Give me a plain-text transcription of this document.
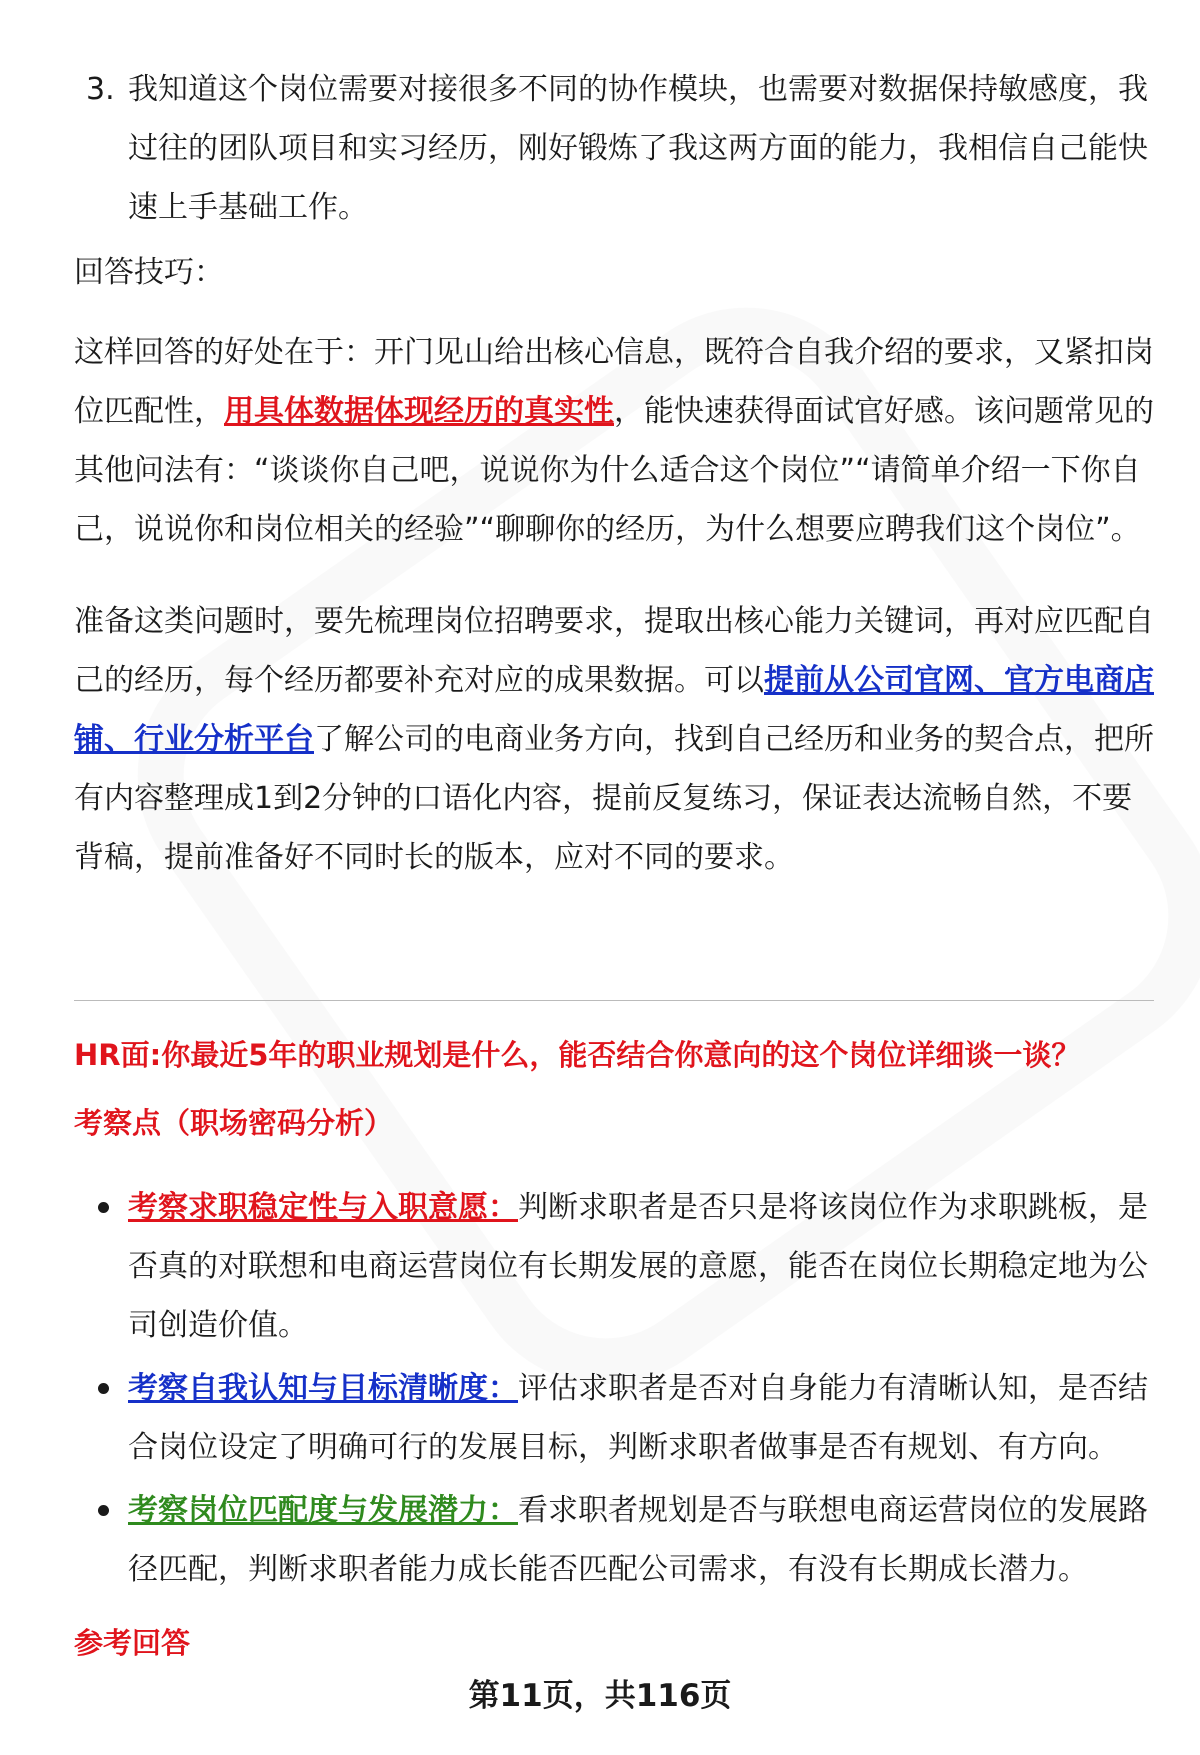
3. 我知道这个岗位需要对接很多不同的协作模块，也需要对数据保持敏感度，我过往的团队项目和实习经历，刚好锻炼了我这两方面的能力，我相信自己能快速上手基础工作。
回答技巧：
这样回答的好处在于：开门见山给出核心信息，既符合自我介绍的要求，又紧扣岗位匹配性，用具体数据体现经历的真实性，能快速获得面试官好感。该问题常见的其他问法有：“谈谈你自己吧，说说你为什么适合这个岗位”“请简单介绍一下你自己，说说你和岗位相关的经验”“聊聊你的经历，为什么想要应聘我们这个岗位”。
准备这类问题时，要先梳理岗位招聘要求，提取出核心能力关键词，再对应匹配自己的经历，每个经历都要补充对应的成果数据。可以提前从公司官网、官方电商店铺、行业分析平台了解公司的电商业务方向，找到自己经历和业务的契合点，把所有内容整理成1到2分钟的口语化内容，提前反复练习，保证表达流畅自然，不要背稿，提前准备好不同时长的版本，应对不同的要求。
HR面:你最近5年的职业规划是什么，能否结合你意向的这个岗位详细谈一谈？
考察点（职场密码分析）
考察求职稳定性与入职意愿：判断求职者是否只是将该岗位作为求职跳板，是否真的对联想和电商运营岗位有长期发展的意愿，能否在岗位长期稳定地为公司创造价值。
考察自我认知与目标清晰度：评估求职者是否对自身能力有清晰认知，是否结合岗位设定了明确可行的发展目标，判断求职者做事是否有规划、有方向。
考察岗位匹配度与发展潜力：看求职者规划是否与联想电商运营岗位的发展路径匹配，判断求职者能力成长能否匹配公司需求，有没有长期成长潜力。
参考回答
第11页，共116页
